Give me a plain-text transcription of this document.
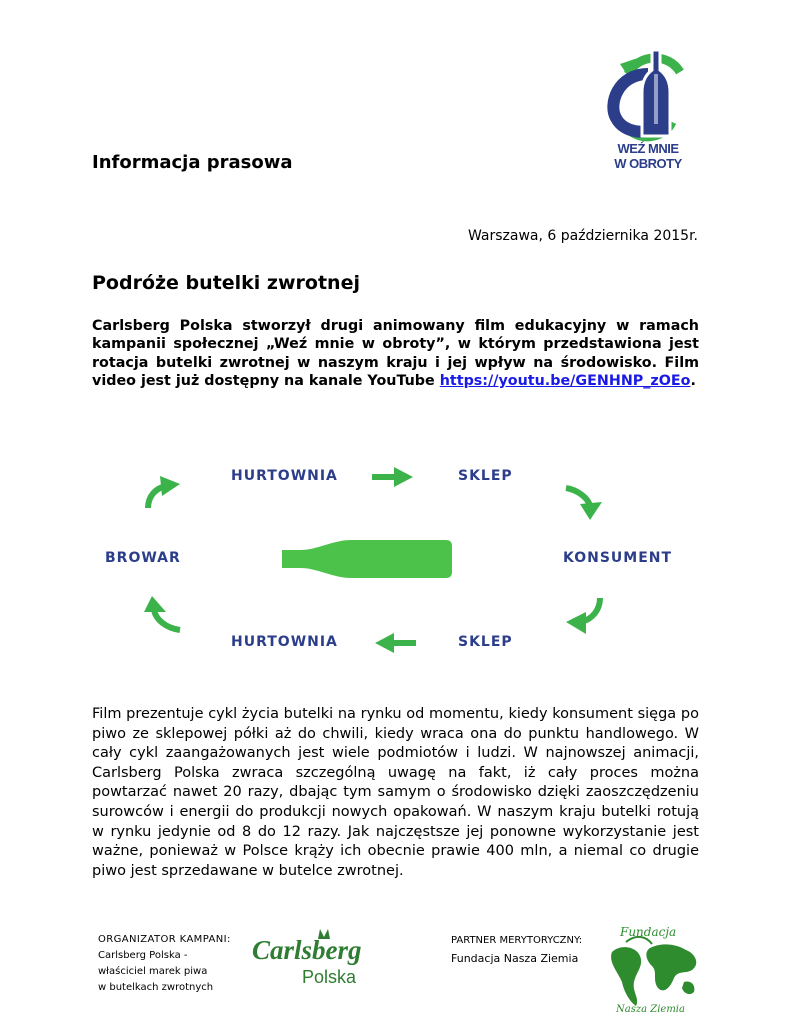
WEŹ MNIE
W OBROTY
Informacja prasowa
Warszawa, 6 października 2015r.
Podróże butelki zwrotnej

Carlsberg Polska stworzył drugi animowany film edukacyjny w ramach kampanii społecznej „Weź mnie w obroty”, w którym przedstawiona jest rotacja butelki zwrotnej w naszym kraju i jej wpływ na środowisko. Film video jest już dostępny na kanale YouTube https://youtu.be/GENHNP_zOEo.

HURTOWNIA	SKLEP
BROWAR	KONSUMENT
HURTOWNIA	SKLEP

Film prezentuje cykl życia butelki na rynku od momentu, kiedy konsument sięga po piwo ze sklepowej półki aż do chwili, kiedy wraca ona do punktu handlowego. W cały cykl zaangażowanych jest wiele podmiotów i ludzi. W najnowszej animacji, Carlsberg Polska zwraca szczególną uwagę na fakt, iż cały proces można powtarzać nawet 20 razy, dbając tym samym o środowisko dzięki zaoszczędzeniu surowców i energii do produkcji nowych opakowań. W naszym kraju butelki rotują w rynku jedynie od 8 do 12 razy. Jak najczęstsze jej ponowne wykorzystanie jest ważne, ponieważ w Polsce krąży ich obecnie prawie 400 mln, a niemal co drugie piwo jest sprzedawane w butelce zwrotnej.

ORGANIZATOR KAMPANI:
Carlsberg Polska -
właściciel marek piwa
w butelkach zwrotnych
Carlsberg
Polska
PARTNER MERYTORYCZNY:
Fundacja Nasza Ziemia
Fundacja
Nasza Ziemia
